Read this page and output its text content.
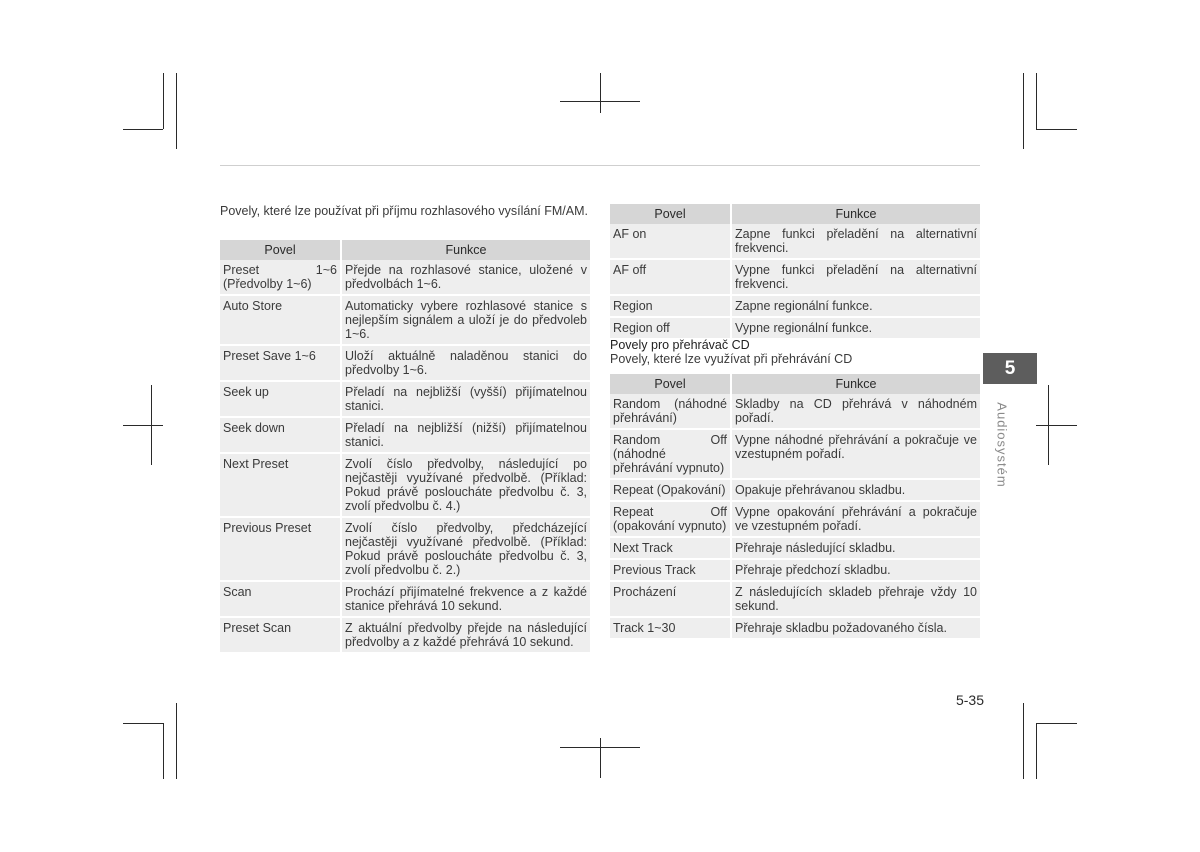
Povely, které lze používat při příjmu rozhlasového vysílání FM/AM.
Povel	Funkce
Preset 1~6 (Předvolby 1~6)	Přejde na rozhlasové stanice, uložené v předvolbách 1~6.
Auto Store	Automaticky vybere rozhlasové stanice s nejlepším signálem a uloží je do předvoleb 1~6.
Preset Save 1~6	Uloží aktuálně naladěnou stanici do předvolby 1~6.
Seek up	Přeladí na nejbližší (vyšší) přijímatelnou stanici.
Seek down	Přeladí na nejbližší (nižší) přijímatelnou stanici.
Next Preset	Zvolí číslo předvolby, následující po nejčastěji využívané předvolbě. (Příklad: Pokud právě posloucháte předvolbu č. 3, zvolí předvolbu č. 4.)
Previous Preset	Zvolí číslo předvolby, předcházející nejčastěji využívané předvolbě. (Příklad: Pokud právě posloucháte předvolbu č. 3, zvolí předvolbu č. 2.)
Scan	Prochází přijímatelné frekvence a z každé stanice přehrává 10 sekund.
Preset Scan	Z aktuální předvolby přejde na následující předvolby a z každé přehrává 10 sekund.
Povel	Funkce
AF on	Zapne funkci přeladění na alternativní frekvenci.
AF off	Vypne funkci přeladění na alternativní frekvenci.
Region	Zapne regionální funkce.
Region off	Vypne regionální funkce.
Povely pro přehrávač CD
Povely, které lze využívat při přehrávání CD
Povel	Funkce
Random (náhodné přehrávání)	Skladby na CD přehrává v náhodném pořadí.
Random Off (náhodné přehrávání vypnuto)	Vypne náhodné přehrávání a pokračuje ve vzestupném pořadí.
Repeat (Opakování)	Opakuje přehrávanou skladbu.
Repeat Off (opakování vypnuto)	Vypne opakování přehrávání a pokračuje ve vzestupném pořadí.
Next Track	Přehraje následující skladbu.
Previous Track	Přehraje předchozí skladbu.
Procházení	Z následujících skladeb přehraje vždy 10 sekund.
Track 1~30	Přehraje skladbu požadovaného čísla.
5
Audiosystém
5-35
